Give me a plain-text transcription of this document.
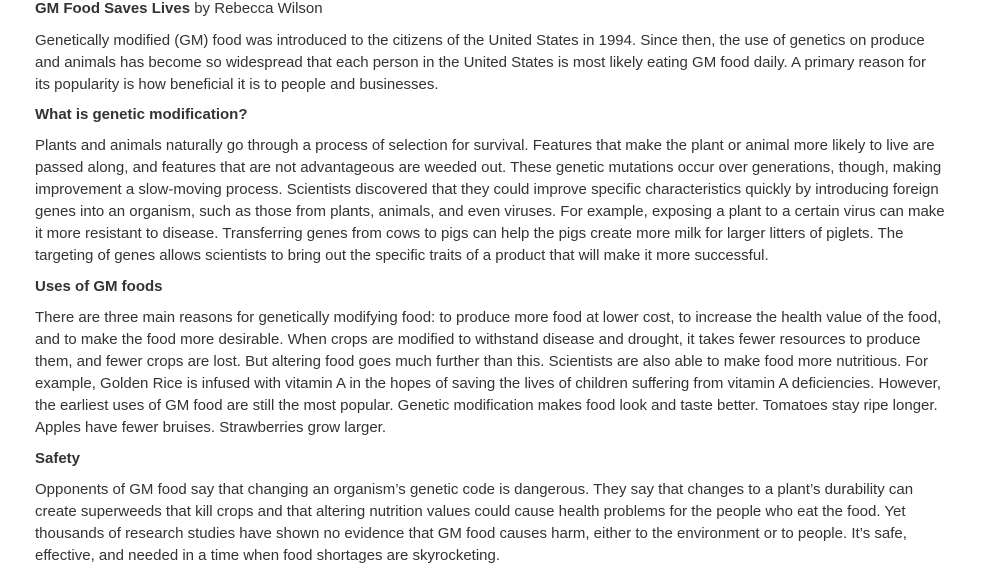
GM Food Saves Lives by Rebecca Wilson

Genetically modified (GM) food was introduced to the citizens of the United States in 1994. Since then, the use of genetics on produce and animals has become so widespread that each person in the United States is most likely eating GM food daily. A primary reason for its popularity is how beneficial it is to people and businesses.

What is genetic modification?

Plants and animals naturally go through a process of selection for survival. Features that make the plant or animal more likely to live are passed along, and features that are not advantageous are weeded out. These genetic mutations occur over generations, though, making improvement a slow-moving process. Scientists discovered that they could improve specific characteristics quickly by introducing foreign genes into an organism, such as those from plants, animals, and even viruses. For example, exposing a plant to a certain virus can make it more resistant to disease. Transferring genes from cows to pigs can help the pigs create more milk for larger litters of piglets. The targeting of genes allows scientists to bring out the specific traits of a product that will make it more successful.

Uses of GM foods

There are three main reasons for genetically modifying food: to produce more food at lower cost, to increase the health value of the food, and to make the food more desirable. When crops are modified to withstand disease and drought, it takes fewer resources to produce them, and fewer crops are lost. But altering food goes much further than this. Scientists are also able to make food more nutritious. For example, Golden Rice is infused with vitamin A in the hopes of saving the lives of children suffering from vitamin A deficiencies. However, the earliest uses of GM food are still the most popular. Genetic modification makes food look and taste better. Tomatoes stay ripe longer. Apples have fewer bruises. Strawberries grow larger.

Safety

Opponents of GM food say that changing an organism’s genetic code is dangerous. They say that changes to a plant’s durability can create superweeds that kill crops and that altering nutrition values could cause health problems for the people who eat the food. Yet thousands of research studies have shown no evidence that GM food causes harm, either to the environment or to people. It’s safe, effective, and needed in a time when food shortages are skyrocketing.
